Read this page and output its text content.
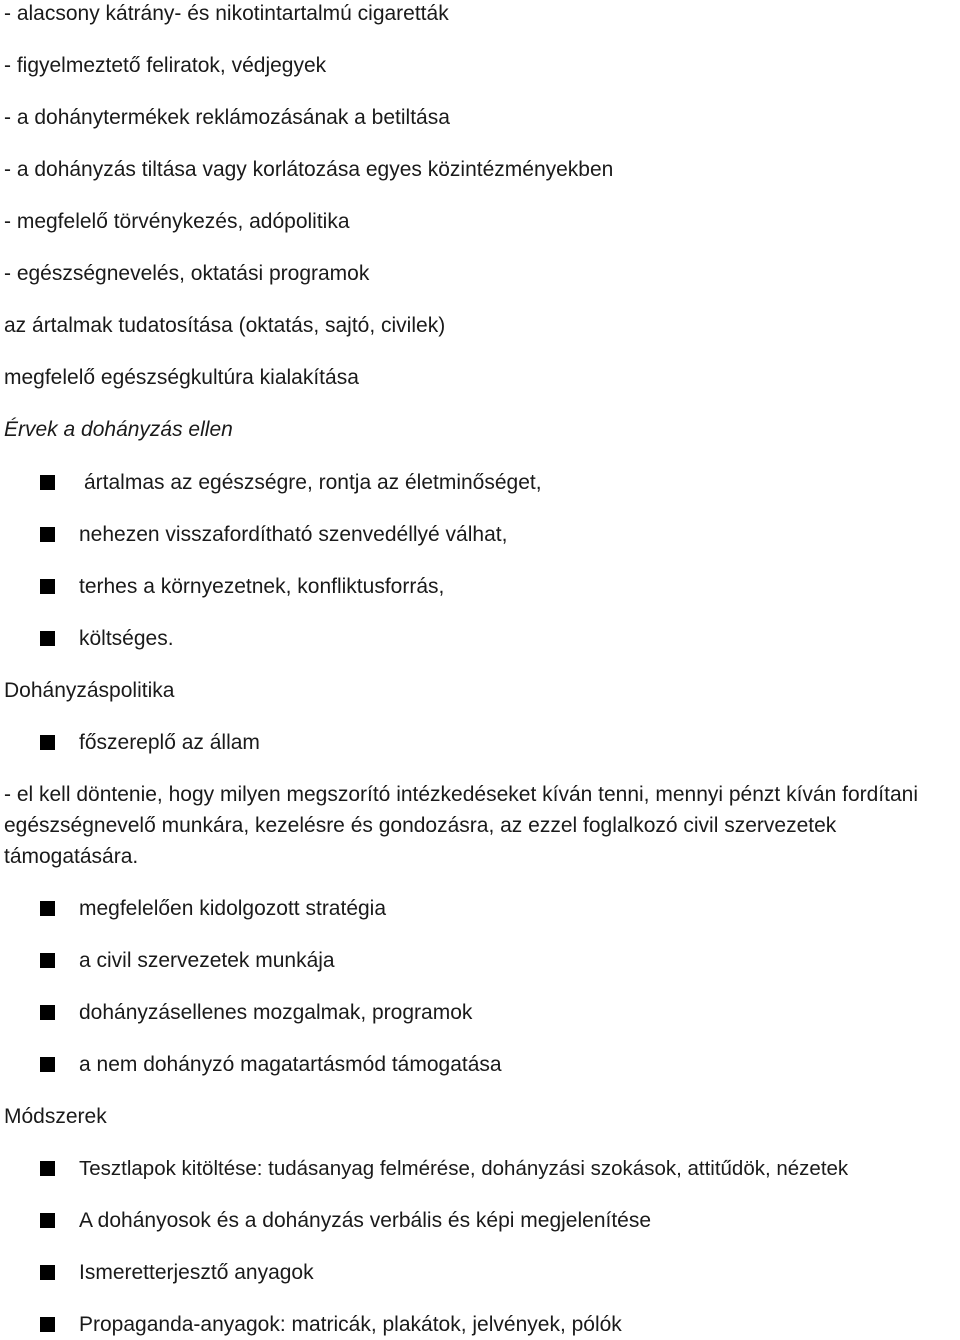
- alacsony kátrány- és nikotintartalmú cigaretták
- figyelmeztető feliratok, védjegyek
- a dohánytermékek reklámozásának a betiltása
- a dohányzás tiltása vagy korlátozása egyes közintézményekben
- megfelelő törvénykezés, adópolitika
- egészségnevelés, oktatási programok
az ártalmak tudatosítása (oktatás, sajtó, civilek)
megfelelő egészségkultúra kialakítása
Érvek a dohányzás ellen
ártalmas az egészségre, rontja az életminőséget,
nehezen visszafordítható szenvedéllyé válhat,
terhes a környezetnek, konfliktusforrás,
költséges.
Dohányzáspolitika
főszereplő az állam
- el kell döntenie, hogy milyen megszorító intézkedéseket kíván tenni, mennyi pénzt kíván fordítani egészségnevelő munkára, kezelésre és gondozásra, az ezzel foglalkozó civil szervezetek támogatására.
megfelelően kidolgozott stratégia
a civil szervezetek munkája
dohányzásellenes mozgalmak, programok
a nem dohányzó magatartásmód támogatása
Módszerek
Tesztlapok kitöltése: tudásanyag felmérése, dohányzási szokások, attitűdök, nézetek
A dohányosok és a dohányzás verbális és képi megjelenítése
Ismeretterjesztő anyagok
Propaganda-anyagok: matricák, plakátok, jelvények, pólók
